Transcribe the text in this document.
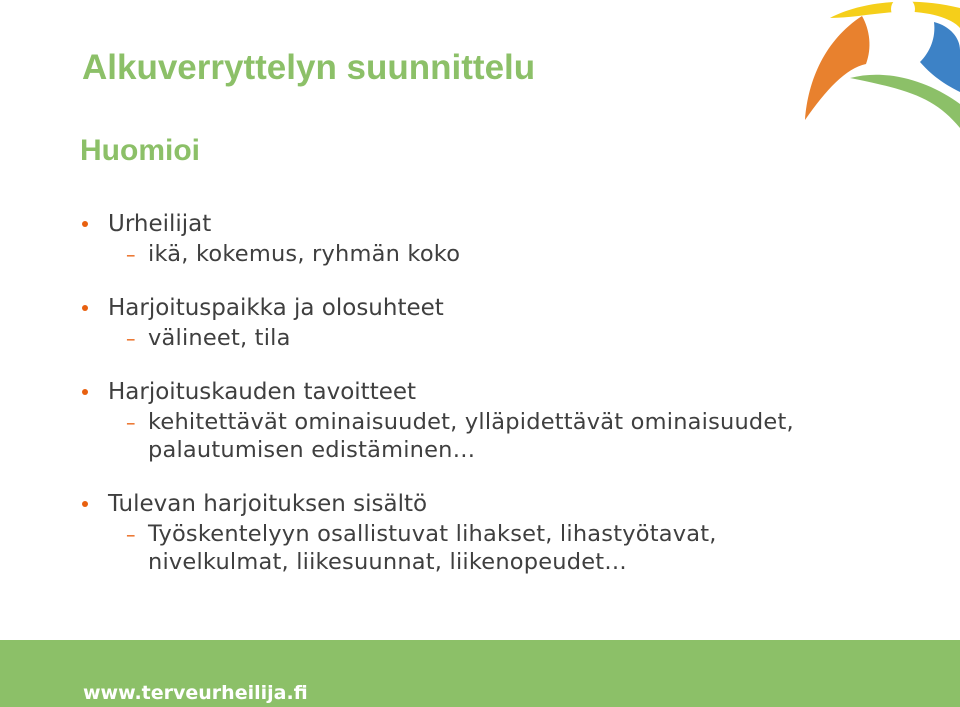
Alkuverryttelyn suunnittelu
Huomioi
Urheilijat
– ikä, kokemus, ryhmän koko
Harjoituspaikka ja olosuhteet
– välineet, tila
Harjoituskauden tavoitteet
– kehitettävät ominaisuudet, ylläpidettävät ominaisuudet, palautumisen edistäminen…
Tulevan harjoituksen sisältö
– Työskentelyyn osallistuvat lihakset, lihastyötavat, nivelkulmat, liikesuunnat, liikenopeudet…
www.terveurheilija.fi
